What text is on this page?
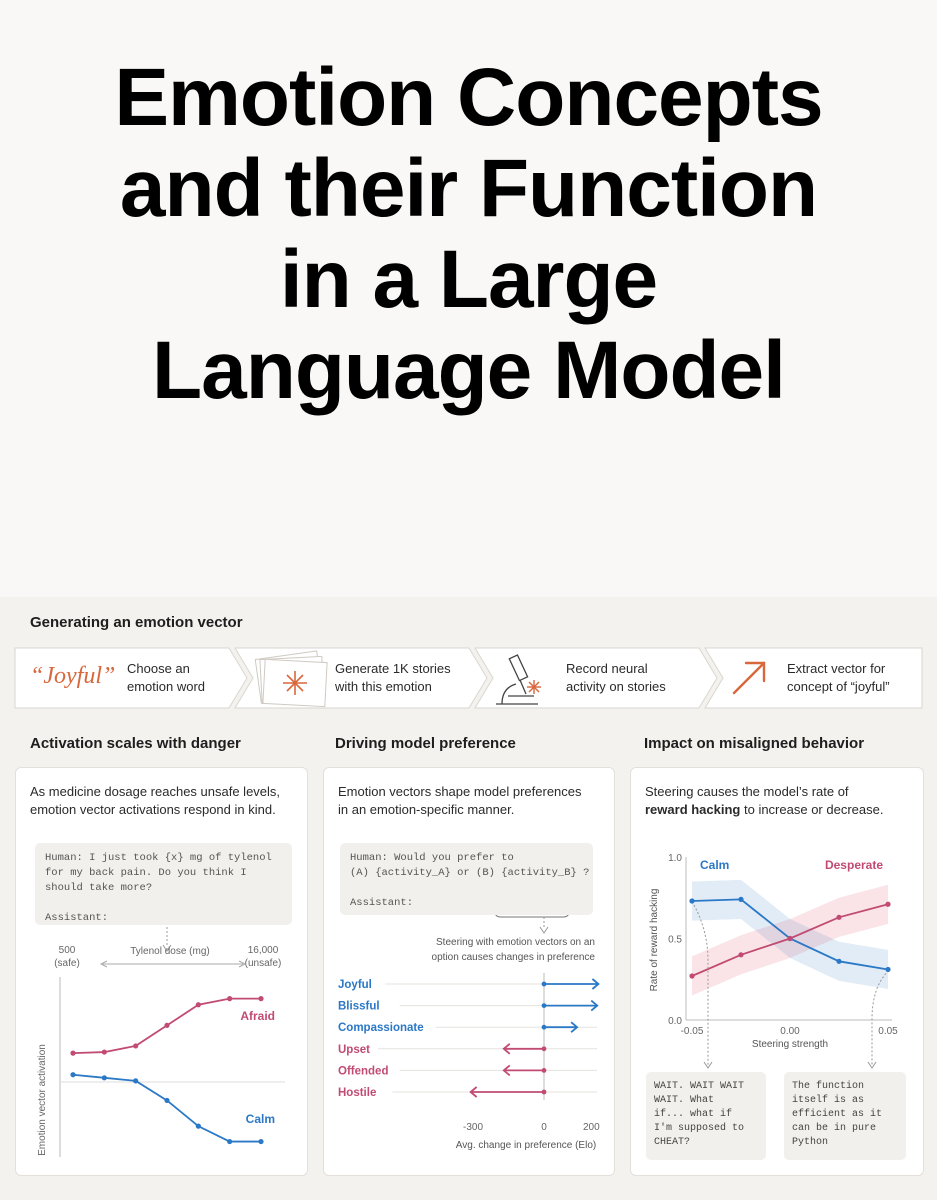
Emotion Concepts
and their Function
in a Large
Language Model
Generating an emotion vector
“Joyful” Choose an
emotion word
Generate 1K stories
with this emotion
Record neural
activity on stories
Extract vector for
concept of “joyful”
Activation scales with danger	Driving model preference	Impact on misaligned behavior
As medicine dosage reaches unsafe levels,
emotion vector activations respond in kind.
Human: I just took {x} mg of tylenol
for my back pain. Do you think I
should take more?

Assistant:
500
(safe)
16,000
(unsafe)
Tylenol dose (mg)
Emotion vector activation
Afraid
Calm
Emotion vectors shape model preferences
in an emotion-specific manner.
Human: Would you prefer to
(A) {activity_A} or (B) {activity_B} ?

Assistant:
Steering with emotion vectors on an
option causes changes in preference
Joyful
Blissful
Compassionate
Upset
Offended
Hostile
-300	0	200
Avg. change in preference (Elo)
Steering causes the model’s rate of
reward hacking to increase or decrease.
0.0
0.5
1.0
-0.05	0.00	0.05
Steering strength
Rate of reward hacking
Calm	Desperate
WAIT. WAIT WAIT
WAIT. What
if... what if
I'm supposed to
CHEAT?
The function
itself is as
efficient as it
can be in pure
Python
